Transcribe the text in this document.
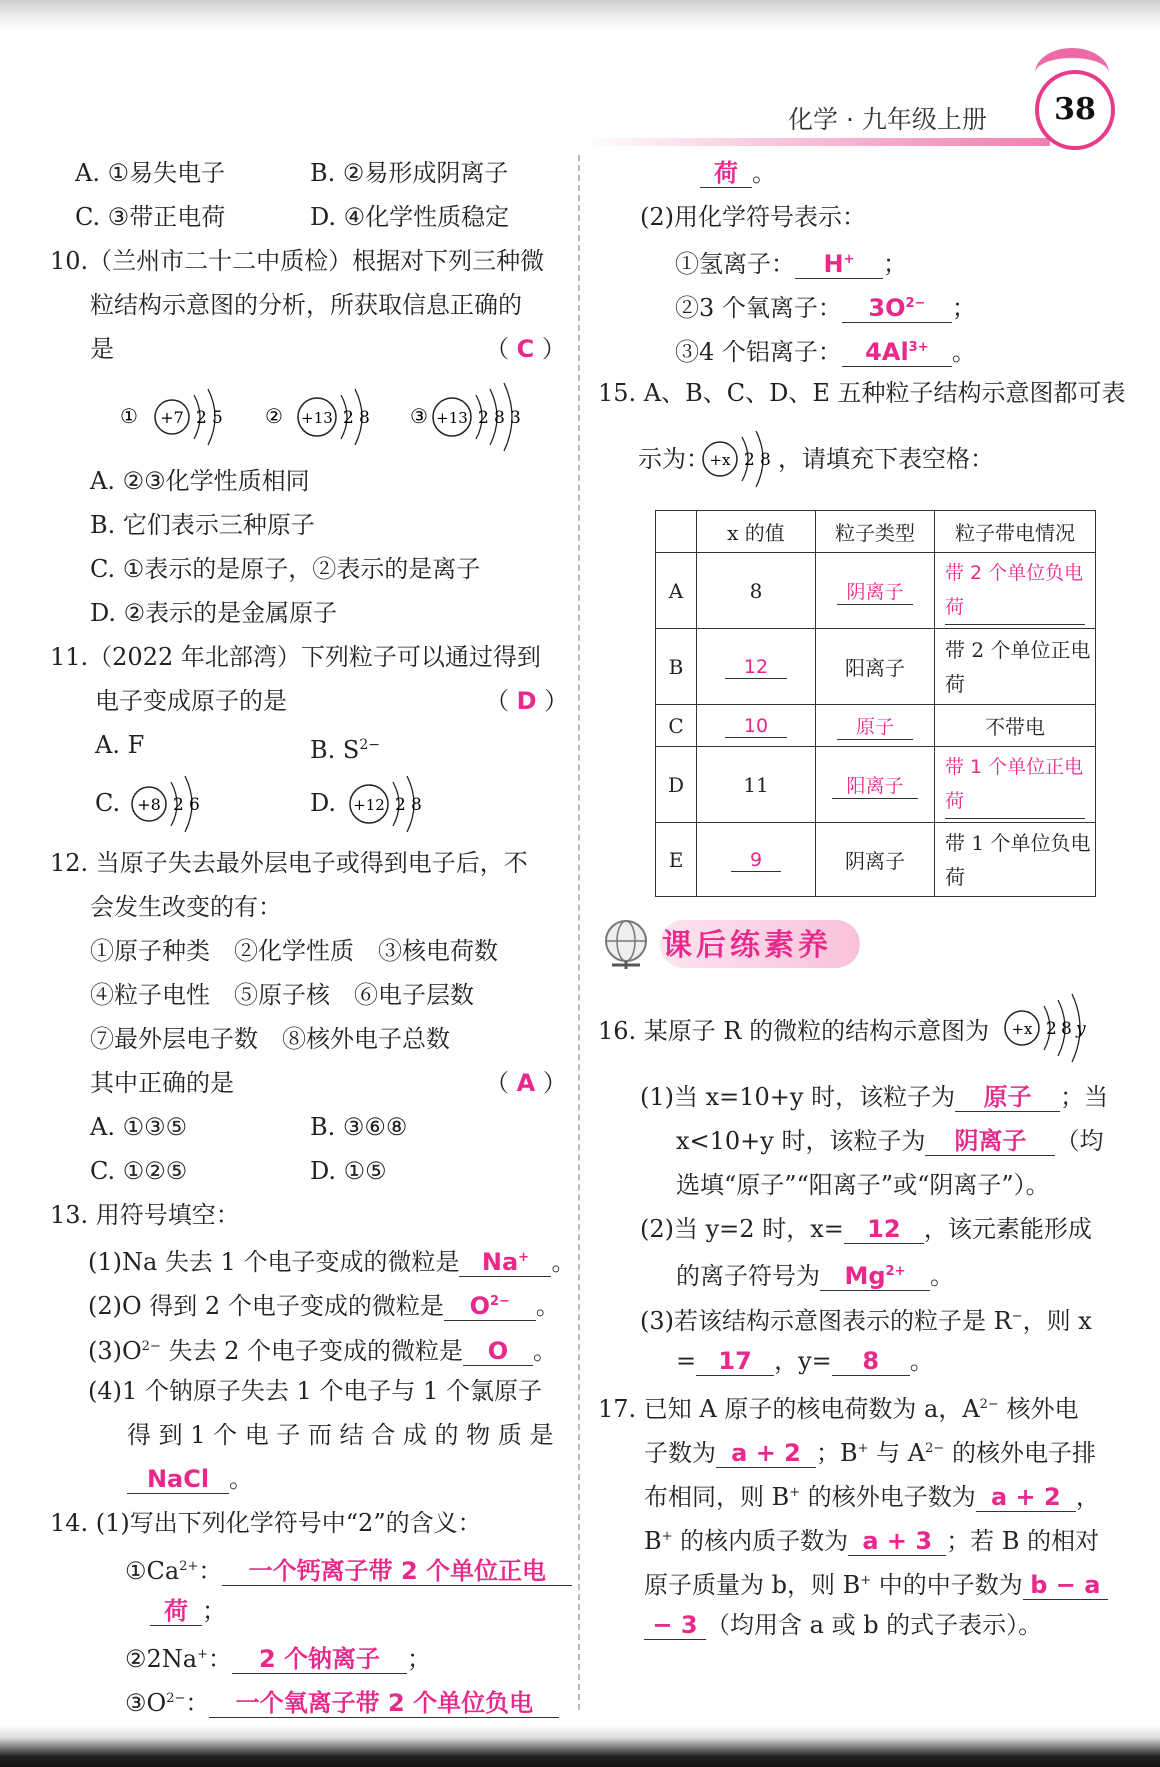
化学 · 九年级上册	38
A. ①易失电子	B. ②易形成阴离子
C. ③带正电荷	D. ④化学性质稳定
10.（兰州市二十二中质检）根据对下列三种微
粒结构示意图的分析，所获取信息正确的
是	（ C ）
① +7 2 5 ② +13 2 8 ③ +13 2 8 3
A. ②③化学性质相同
B. 它们表示三种原子
C. ①表示的是原子，②表示的是离子
D. ②表示的是金属原子
11.（2022 年北部湾）下列粒子可以通过得到
电子变成原子的是	（ D ）
A. F	B. $S^{2-}$
C. +8 2 6	D. +12 2 8
12. 当原子失去最外层电子或得到电子后，不
会发生改变的有：
①原子种类　②化学性质　③核电荷数
④粒子电性　⑤原子核　⑥电子层数
⑦最外层电子数　⑧核外电子总数
其中正确的是	（ A ）
A. ①③⑤	B. ③⑥⑧
C. ①②⑤	D. ①⑤
13. 用符号填空：
(1)Na 失去 1 个电子变成的微粒是 Na+ 。
(2)O 得到 2 个电子变成的微粒是 $O^{2-}$ 。
$(3)O^{2-}$ 失去 2 个电子变成的微粒是 O 。
(4)1 个钠原子失去 1 个电子与 1 个氯原子
得 到 1 个 电 子 而 结 合 成 的 物 质 是
NaCl 。
14. (1)写出下列化学符号中“2”的含义：
$①Ca^{2+}$： 一个钙离子带 2 个单位正电
荷 ；
②2Na+： 2 个钠离子 ；
$③O^{2-}$： 一个氧离子带 2 个单位负电
荷 。
(2)用化学符号表示：
①氢离子： H+ ；
②3 个氧离子： $3O^{2-}$ ；
③4 个铝离子： $4Al^{3+}$ 。
15. A、B、C、D、E 五种粒子结构示意图都可表
示为： +x 2 8 ，请填充下表空格：
	x 的值	粒子类型	粒子带电情况
A	8	阴离子	带 2 个单位负电荷
B	12	阳离子	带 2 个单位正电荷
C	10	原子	不带电
D	11	阳离子	带 1 个单位正电荷
E	9	阴离子	带 1 个单位负电荷
课后练素养
16. 某原子 R 的微粒的结构示意图为 +x 2 8 y
(1)当 x=10+y 时，该粒子为 原子 ；当
x<10+y 时，该粒子为 阴离子 （均
选填“原子”“阳离子”或“阴离子”）。
(2)当 y=2 时，x= 12 ，该元素能形成
的离子符号为 $Mg^{2+}$ 。
(3)若该结构示意图表示的粒子是 R−，则 x
= 17 ，y= 8 。
17. 已知 A 原子的核电荷数为 a，$A^{2-}$ 核外电
子数为 a + 2 ；B+ 与 $A^{2-}$ 的核外电子排
布相同，则 B+ 的核外电子数为 a + 2 ，
B+ 的核内质子数为 a + 3 ；若 B 的相对
原子质量为 b，则 B+ 中的中子数为 b − a
− 3 （均用含 a 或 b 的式子表示）。
